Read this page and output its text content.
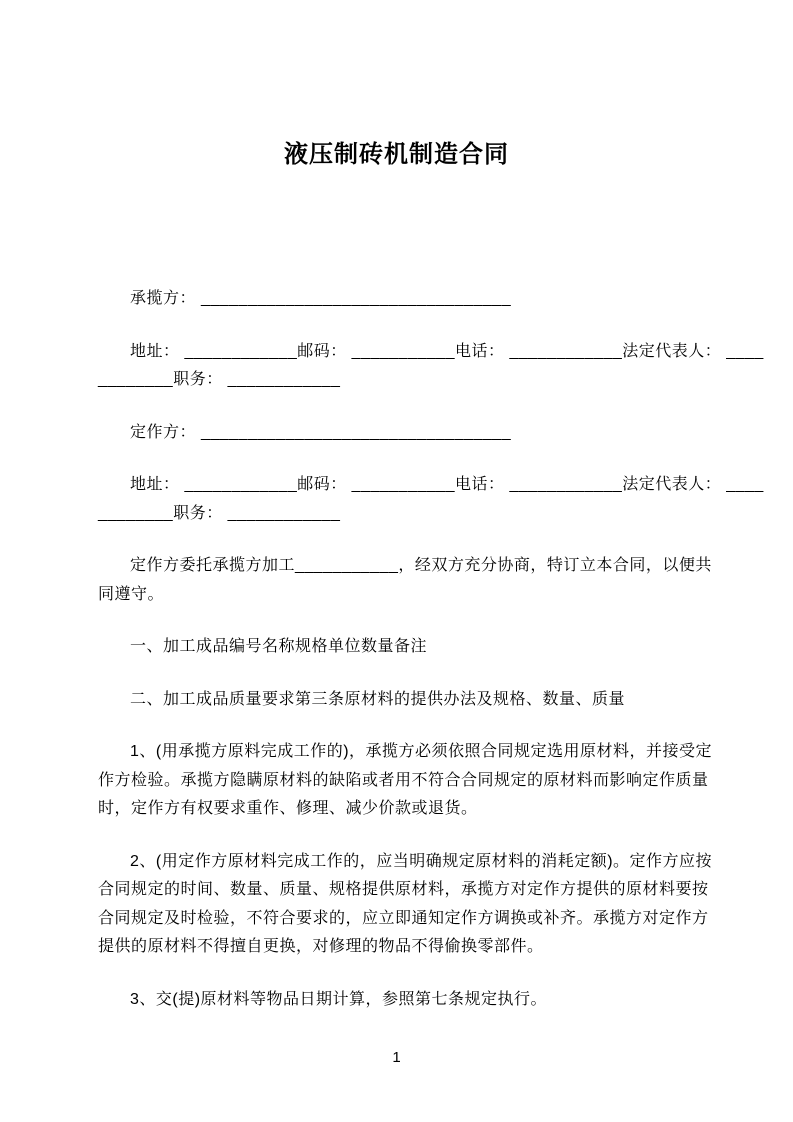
液压制砖机制造合同
承揽方： _________________________________
地址： ____________邮码： ___________电话： ____________法定代表人： ____
________职务： ____________
定作方： _________________________________
地址： ____________邮码： ___________电话： ____________法定代表人： ____
________职务： ____________
定作方委托承揽方加工___________，经双方充分协商，特订立本合同，以便共
同遵守。
一、加工成品编号名称规格单位数量备注
二、加工成品质量要求第三条原材料的提供办法及规格、数量、质量
1、(用承揽方原料完成工作的)，承揽方必须依照合同规定选用原材料，并接受定
作方检验。承揽方隐瞒原材料的缺陷或者用不符合合同规定的原材料而影响定作质量
时，定作方有权要求重作、修理、减少价款或退货。
2、(用定作方原材料完成工作的，应当明确规定原材料的消耗定额)。定作方应按
合同规定的时间、数量、质量、规格提供原材料，承揽方对定作方提供的原材料要按
合同规定及时检验，不符合要求的，应立即通知定作方调换或补齐。承揽方对定作方
提供的原材料不得擅自更换，对修理的物品不得偷换零部件。
3、交(提)原材料等物品日期计算，参照第七条规定执行。
1
